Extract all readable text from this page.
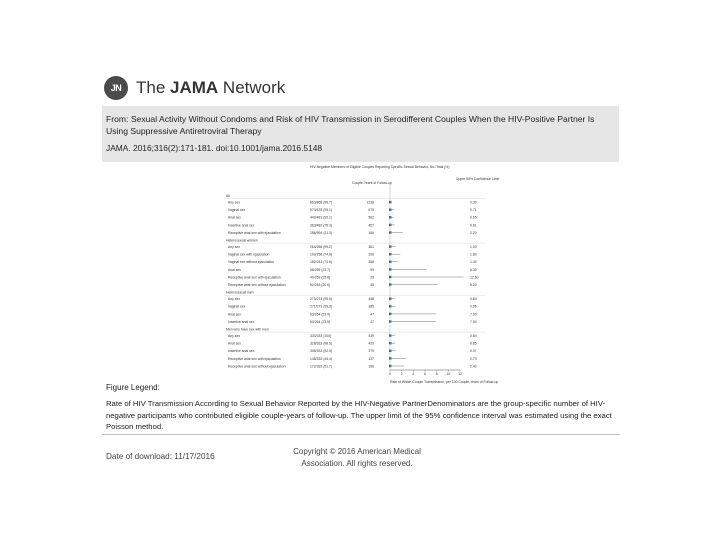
JN The JAMA Network
From: Sexual Activity Without Condoms and Risk of HIV Transmission in Serodifferent Couples When the HIV-Positive Partner Is Using Suppressive Antiretroviral Therapy
JAMA. 2016;316(2):171-181. doi:10.1001/jama.2016.5148
HIV-Negative Members of Eligible Couples Reporting Specific Sexual Behavior, No./Total (%)
Couple-Years of Follow-up
Upper 95% Confidence Limit
All
Any sex	863/868 (99.7)	1238	0.30
Vaginal sex	573/578 (99.1)	675	0.71
Anal sex	443/481 (92.1)	562	0.65
Insertive anal sex	363/482 (75.3)	457	0.81
Receptive anal sex with ejaculation	186/594 (31.3)	166	2.20
Heterosexual women
Any sex	264/266 (99.2)	361	1.00
Vaginal sex with ejaculation	193/258 (74.8)	206	1.80
Vaginal sex without ejaculation	182/244 (74.6)	258	1.40
Anal sex	58/255 (22.7)	59	6.30
Receptive anal sex with ejaculation	40/253 (15.8)	29	12.60
Receptive anal sex without ejaculation	52/253 (20.6)	45	8.20
Heterosexual men
Any sex	273/274 (99.6)	438	0.84
Vaginal sex	271/273 (99.3)	385	0.96
Anal sex	63/264 (23.9)	47	7.90
Insertive anal sex	63/264 (23.9)	47	7.90
Men who have sex with men
Any sex	333/333 (100)	439	0.84
Anal sex	328/333 (98.5)	433	0.85
Insertive anal sex	308/333 (92.5)	379	0.97
Receptive anal sex with ejaculation	148/333 (44.4)	137	2.70
Receptive anal sex without ejaculation	172/333 (51.7)	156	2.40
0	2	4	6	8	10 12
Rate of Within-Couple Transmission, per 100 Couple-Years of Follow-up
Figure Legend:
Rate of HIV Transmission According to Sexual Behavior Reported by the HIV-Negative PartnerDenominators are the group-specific number of HIV-negative participants who contributed eligible couple-years of follow-up. The upper limit of the 95% confidence interval was estimated using the exact Poisson method.
Date of download: 11/17/2016
Copyright © 2016 American Medical Association. All rights reserved.
